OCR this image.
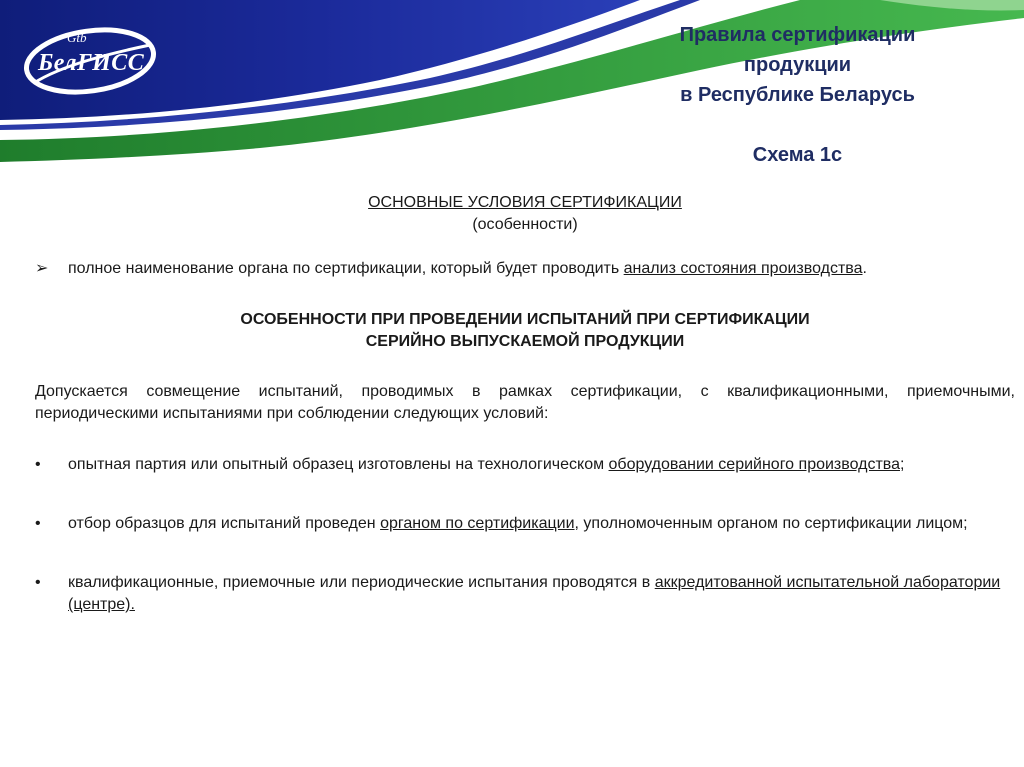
Gtb
БелГИСС
Правила сертификации
продукции
в Республике Беларусь
Схема 1с
ОСНОВНЫЕ УСЛОВИЯ СЕРТИФИКАЦИИ
(особенности)
➢ полное наименование органа по сертификации, который будет проводить анализ состояния производства.
ОСОБЕННОСТИ ПРИ ПРОВЕДЕНИИ ИСПЫТАНИЙ ПРИ СЕРТИФИКАЦИИ
СЕРИЙНО ВЫПУСКАЕМОЙ ПРОДУКЦИИ
Допускается совмещение испытаний, проводимых в рамках сертификации, с квалификационными, приемочными, периодическими испытаниями при соблюдении следующих условий:
• опытная партия или опытный образец изготовлены на технологическом оборудовании серийного производства;
• отбор образцов для испытаний проведен органом по сертификации, уполномоченным органом по сертификации лицом;
• квалификационные, приемочные или периодические испытания проводятся в аккредитованной испытательной лаборатории (центре).
